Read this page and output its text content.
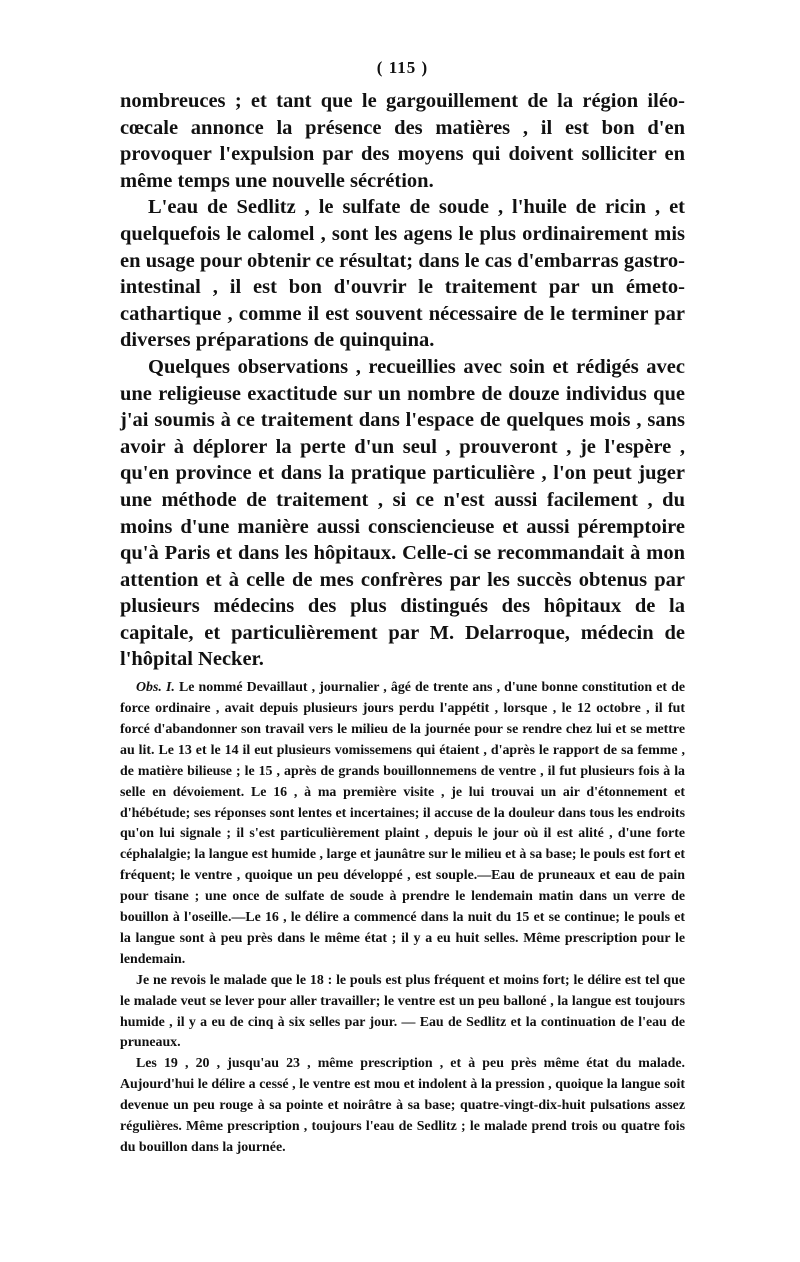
( 115 )

nombreuces ; et tant que le gargouillement de la région iléo-cœcale annonce la présence des matières , il est bon d'en provoquer l'expulsion par des moyens qui doivent solliciter en même temps une nouvelle sécrétion.

L'eau de Sedlitz , le sulfate de soude , l'huile de ricin , et quelquefois le calomel , sont les agens le plus ordinairement mis en usage pour obtenir ce résultat; dans le cas d'embarras gastro-intestinal , il est bon d'ouvrir le traitement par un émeto-cathartique , comme il est souvent nécessaire de le terminer par diverses préparations de quinquina.

Quelques observations , recueillies avec soin et rédigés avec une religieuse exactitude sur un nombre de douze individus que j'ai soumis à ce traitement dans l'espace de quelques mois , sans avoir à déplorer la perte d'un seul , prouveront , je l'espère , qu'en province et dans la pratique particulière , l'on peut juger une méthode de traitement , si ce n'est aussi facilement , du moins d'une manière aussi consciencieuse et aussi péremptoire qu'à Paris et dans les hôpitaux. Celle-ci se recommandait à mon attention et à celle de mes confrères par les succès obtenus par plusieurs médecins des plus distingués des hôpitaux de la capitale, et particulièrement par M. Delarroque, médecin de l'hôpital Necker.

Obs. I. Le nommé Devaillaut , journalier , âgé de trente ans , d'une bonne constitution et de force ordinaire , avait depuis plusieurs jours perdu l'appétit , lorsque , le 12 octobre , il fut forcé d'abandonner son travail vers le milieu de la journée pour se rendre chez lui et se mettre au lit. Le 13 et le 14 il eut plusieurs vomissemens qui étaient , d'après le rapport de sa femme , de matière bilieuse ; le 15 , après de grands bouillonnemens de ventre , il fut plusieurs fois à la selle en dévoiement. Le 16 , à ma première visite , je lui trouvai un air d'étonnement et d'hébétude; ses réponses sont lentes et incertaines; il accuse de la douleur dans tous les endroits qu'on lui signale ; il s'est particulièrement plaint , depuis le jour où il est alité , d'une forte céphalalgie; la langue est humide , large et jaunâtre sur le milieu et à sa base; le pouls est fort et fréquent; le ventre , quoique un peu développé , est souple.—Eau de pruneaux et eau de pain pour tisane ; une once de sulfate de soude à prendre le lendemain matin dans un verre de bouillon à l'oseille.—Le 16 , le délire a commencé dans la nuit du 15 et se continue; le pouls et la langue sont à peu près dans le même état ; il y a eu huit selles. Même prescription pour le lendemain.

Je ne revois le malade que le 18 : le pouls est plus fréquent et moins fort; le délire est tel que le malade veut se lever pour aller travailler; le ventre est un peu balloné , la langue est toujours humide , il y a eu de cinq à six selles par jour. — Eau de Sedlitz et la continuation de l'eau de pruneaux.

Les 19 , 20 , jusqu'au 23 , même prescription , et à peu près même état du malade. Aujourd'hui le délire a cessé , le ventre est mou et indolent à la pression , quoique la langue soit devenue un peu rouge à sa pointe et noirâtre à sa base; quatre-vingt-dix-huit pulsations assez régulières. Même prescription , toujours l'eau de Sedlitz ; le malade prend trois ou quatre fois du bouillon dans la journée.
